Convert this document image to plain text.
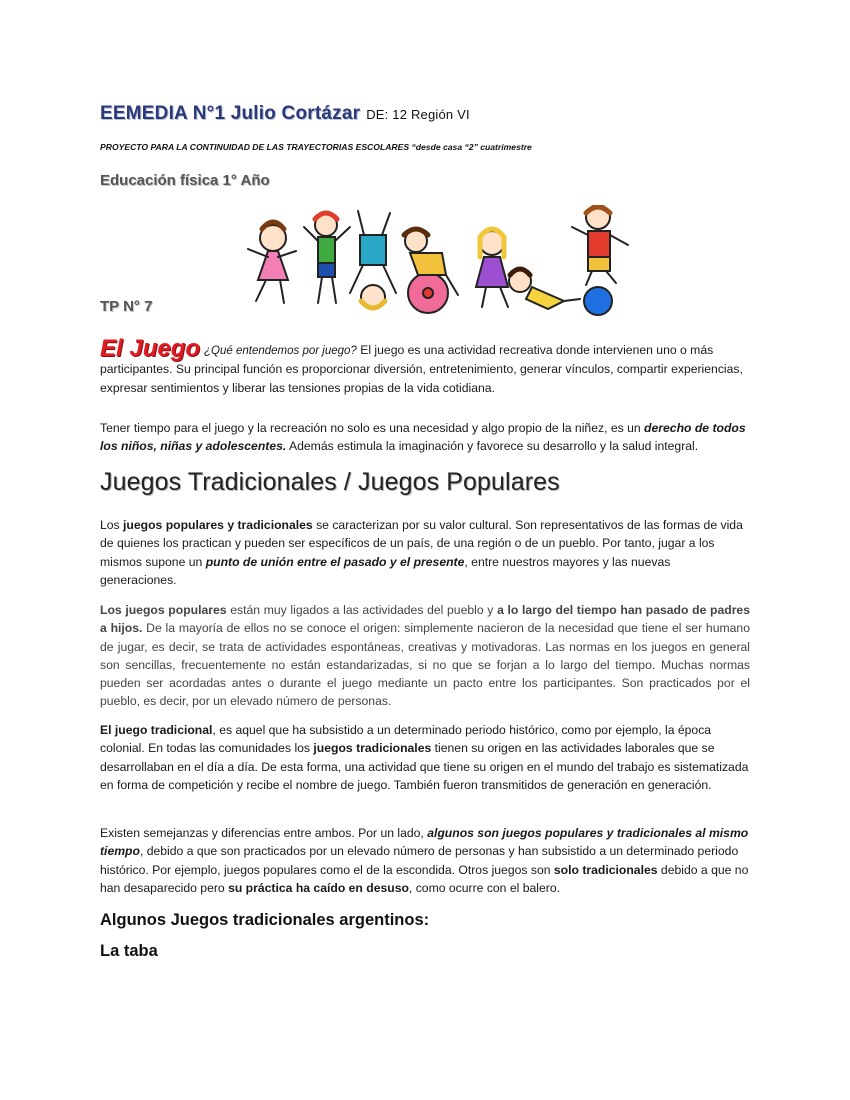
EEMEDIA N°1 Julio Cortázar DE: 12 Región VI
PROYECTO PARA LA CONTINUIDAD DE LAS TRAYECTORIAS ESCOLARES “desde casa “2” cuatrimestre
Educación física 1° Año
TP N° 7
El Juego ¿Qué entendemos por juego? El juego es una actividad recreativa donde intervienen uno o más participantes. Su principal función es proporcionar diversión, entretenimiento, generar vínculos, compartir experiencias, expresar sentimientos y liberar las tensiones propias de la vida cotidiana.
Tener tiempo para el juego y la recreación no solo es una necesidad y algo propio de la niñez, es un derecho de todos los niños, niñas y adolescentes. Además estimula la imaginación y favorece su desarrollo y la salud integral.
Juegos Tradicionales / Juegos Populares
Los juegos populares y tradicionales se caracterizan por su valor cultural. Son representativos de las formas de vida de quienes los practican y pueden ser específicos de un país, de una región o de un pueblo. Por tanto, jugar a los mismos supone un punto de unión entre el pasado y el presente, entre nuestros mayores y las nuevas generaciones.
Los juegos populares están muy ligados a las actividades del pueblo y a lo largo del tiempo han pasado de padres a hijos. De la mayoría de ellos no se conoce el origen: simplemente nacieron de la necesidad que tiene el ser humano de jugar, es decir, se trata de actividades espontáneas, creativas y motivadoras. Las normas en los juegos en general son sencillas, frecuentemente no están estandarizadas, si no que se forjan a lo largo del tiempo. Muchas normas pueden ser acordadas antes o durante el juego mediante un pacto entre los participantes. Son practicados por el pueblo, es decir, por un elevado número de personas.
El juego tradicional, es aquel que ha subsistido a un determinado periodo histórico, como por ejemplo, la época colonial. En todas las comunidades los juegos tradicionales tienen su origen en las actividades laborales que se desarrollaban en el día a día. De esta forma, una actividad que tiene su origen en el mundo del trabajo es sistematizada en forma de competición y recibe el nombre de juego. También fueron transmitidos de generación en generación.
Existen semejanzas y diferencias entre ambos. Por un lado, algunos son juegos populares y tradicionales al mismo tiempo, debido a que son practicados por un elevado número de personas y han subsistido a un determinado periodo histórico. Por ejemplo, juegos populares como el de la escondida. Otros juegos son solo tradicionales debido a que no han desaparecido pero su práctica ha caído en desuso, como ocurre con el balero.
Algunos Juegos tradicionales argentinos:
La taba
